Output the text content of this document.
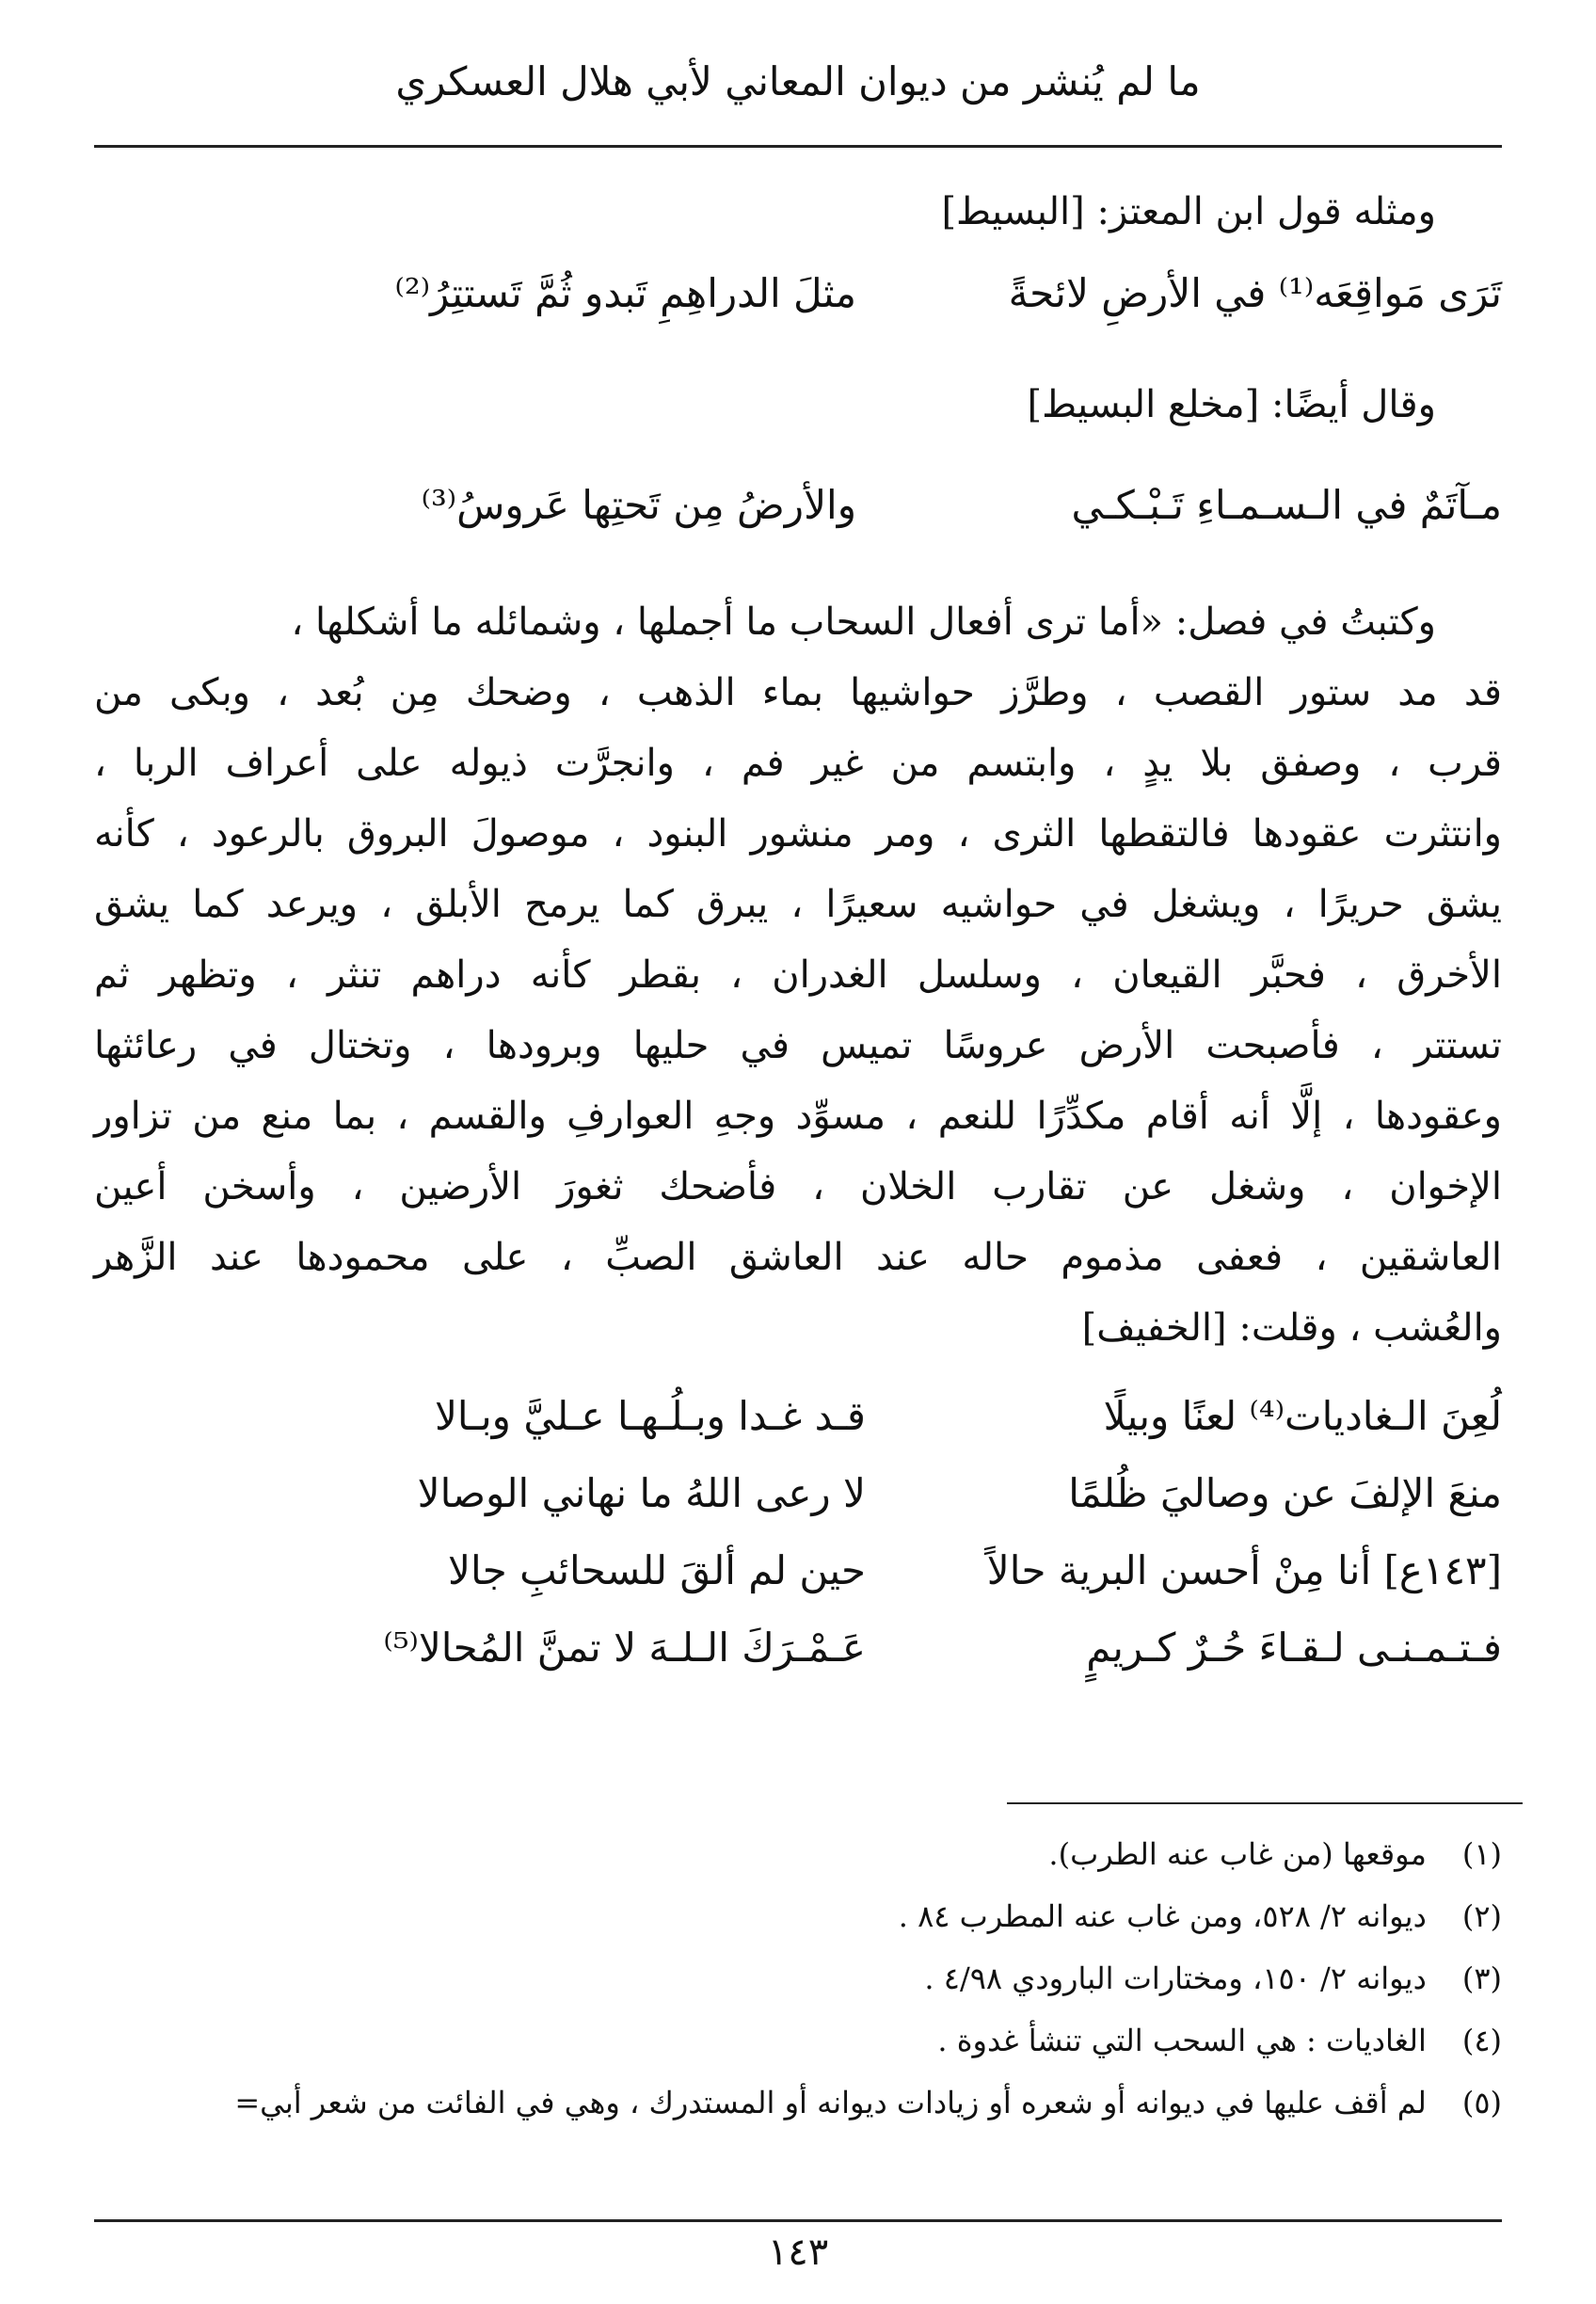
ما لم يُنشر من ديوان المعاني لأبي هلال العسكري
ومثله قول ابن المعتز: [البسيط]
تَرَى مَواقِعَه⁽¹⁾ في الأرضِ لائحةً
مثلَ الدراهِمِ تَبدو ثُمَّ تَستتِرُ⁽²⁾
وقال أيضًا: [مخلع البسيط]
مـآتَمٌ في الـسـمـاءِ تَـبْـكـي
والأرضُ مِن تَحتِها عَروسُ⁽³⁾
وكتبتُ في فصل: «أما ترى أفعال السحاب ما أجملها ، وشمائله ما أشكلها ،
قد مد ستور القصب ، وطرَّز حواشيها بماء الذهب ، وضحك مِن بُعد ، وبكى من
قرب ، وصفق بلا يدٍ ، وابتسم من غير فم ، وانجرَّت ذيوله على أعراف الربا ،
وانتثرت عقودها فالتقطها الثرى ، ومر منشور البنود ، موصولَ البروق بالرعود ، كأنه
يشق حريرًا ، ويشغل في حواشيه سعيرًا ، يبرق كما يرمح الأبلق ، ويرعد كما يشق
الأخرق ، فحبَّر القيعان ، وسلسل الغدران ، بقطر كأنه دراهم تنثر ، وتظهر ثم
تستتر ، فأصبحت الأرض عروسًا تميس في حليها وبرودها ، وتختال في رعائثها
وعقودها ، إلَّا أنه أقام مكدِّرًا للنعم ، مسوِّد وجهِ العوارفِ والقسم ، بما منع من تزاور
الإخوان ، وشغل عن تقارب الخلان ، فأضحك ثغورَ الأرضين ، وأسخن أعين
العاشقين ، فعفى مذموم حاله عند العاشق الصبِّ ، على محمودها عند الزَّهر
والعُشب ، وقلت: [الخفيف]
لُعِنَ الـغاديات⁽⁴⁾ لعنًا وبيلًا
قـد غـدا وبـلُـهـا عـليَّ وبـالا
منعَ الإلفَ عن وصاليَ ظُلمًا
لا رعى اللهُ ما نهاني الوصالا
[١٤٣ع] أنا مِنْ أحسن البرية حالاً
حين لم ألقَ للسحائبِ جالا
فـتـمـنـى لـقـاءَ حُـرٌ كـريمٍ
عَـمْـرَكَ الـلـهَ لا تمنَّ المُحالا⁽⁵⁾
(١) موقعها (من غاب عنه الطرب).
(٢) ديوانه ٢/ ٥٢٨، ومن غاب عنه المطرب ٨٤ .
(٣) ديوانه ٢/ ١٥٠، ومختارات البارودي ٤/٩٨ .
(٤) الغاديات : هي السحب التي تنشأ غدوة .
(٥) لم أقف عليها في ديوانه أو شعره أو زيادات ديوانه أو المستدرك ، وهي في الفائت من شعر أبي=
١٤٣
